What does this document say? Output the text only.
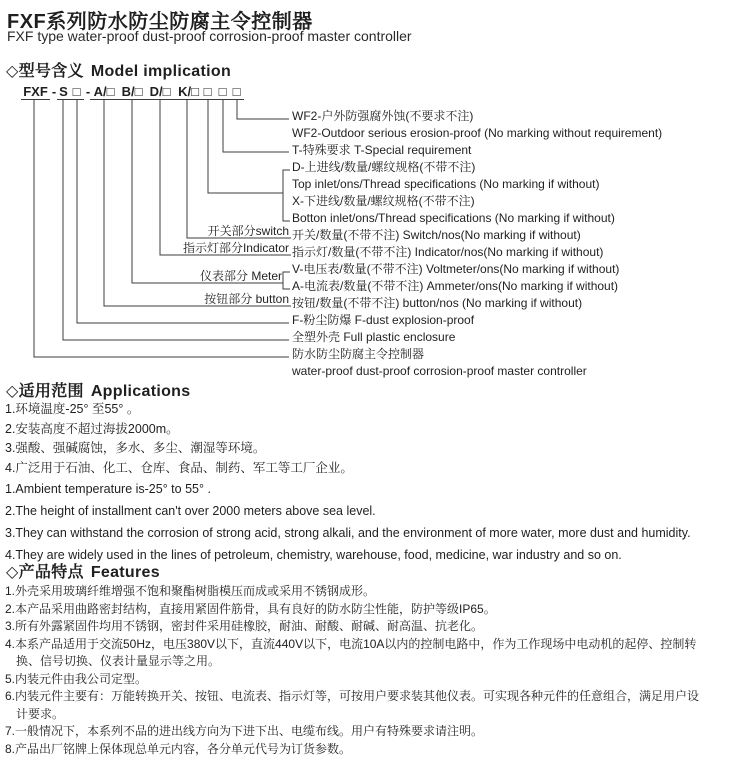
FXF系列防水防尘防腐主令控制器
FXF type water-proof dust-proof corrosion-proof master controller
◇型号含义 Model implication
FXF - S □ - A/□ B/□ D/□ K/□ □ □ □
开关部分switch
指示灯部分Indicator
仪表部分 Meter
按钮部分 button
WF2-户外防强腐外蚀(不要求不注)
WF2-Outdoor serious erosion-proof (No marking without requirement)
T-特殊要求 T-Special requirement
D-上进线/数量/螺纹规格(不带不注)
Top inlet/ons/Thread specifications (No marking if without)
X-下进线/数量/螺纹规格(不带不注)
Botton inlet/ons/Thread specifications (No marking if without)
开关/数量(不带不注) Switch/nos(No marking if without)
指示灯/数量(不带不注) Indicator/nos(No marking if without)
V-电压表/数量(不带不注) Voltmeter/ons(No marking if without)
A-电流表/数量(不带不注) Ammeter/ons(No marking if without)
按钮/数量(不带不注) button/nos (No marking if without)
F-粉尘防爆 F-dust explosion-proof
全塑外壳 Full plastic enclosure
防水防尘防腐主令控制器
water-proof dust-proof corrosion-proof master controller
◇适用范围 Applications
1.环境温度-25° 至55° 。
2.安装高度不超过海拔2000m。
3.强酸、强碱腐蚀，多水、多尘、潮湿等环境。
4.广泛用于石油、化工、仓库、食品、制药、军工等工厂企业。
1.Ambient temperature is-25° to 55° .
2.The height of installment can't over 2000 meters above sea level.
3.They can withstand the corrosion of strong acid, strong alkali, and the environment of more water, more dust and humidity.
4.They are widely used in the lines of petroleum, chemistry, warehouse, food, medicine, war industry and so on.
◇产品特点 Features
1.外壳采用玻璃纤维增强不饱和聚酯树脂模压而成或采用不锈钢成形。
2.本产品采用曲路密封结构，直接用紧固件筋骨，具有良好的防水防尘性能，防护等级IP65。
3.所有外露紧固件均用不锈钢，密封件采用硅橡胶，耐油、耐酸、耐碱、耐高温、抗老化。
4.本系产品适用于交流50Hz，电压380V以下，直流440V以下，电流10A以内的控制电路中，作为工作现场中电动机的起停、控制转
换、信号切换、仪表计量显示等之用。
5.内装元件由我公司定型。
6.内装元件主要有：万能转换开关、按钮、电流表、指示灯等，可按用户要求装其他仪表。可实现各种元件的任意组合，满足用户设
计要求。
7.一般情况下，本系列不品的进出线方向为下进下出、电缆布线。用户有特殊要求请注明。
8.产品出厂铭牌上保体现总单元内容，各分单元代号为订货参数。
